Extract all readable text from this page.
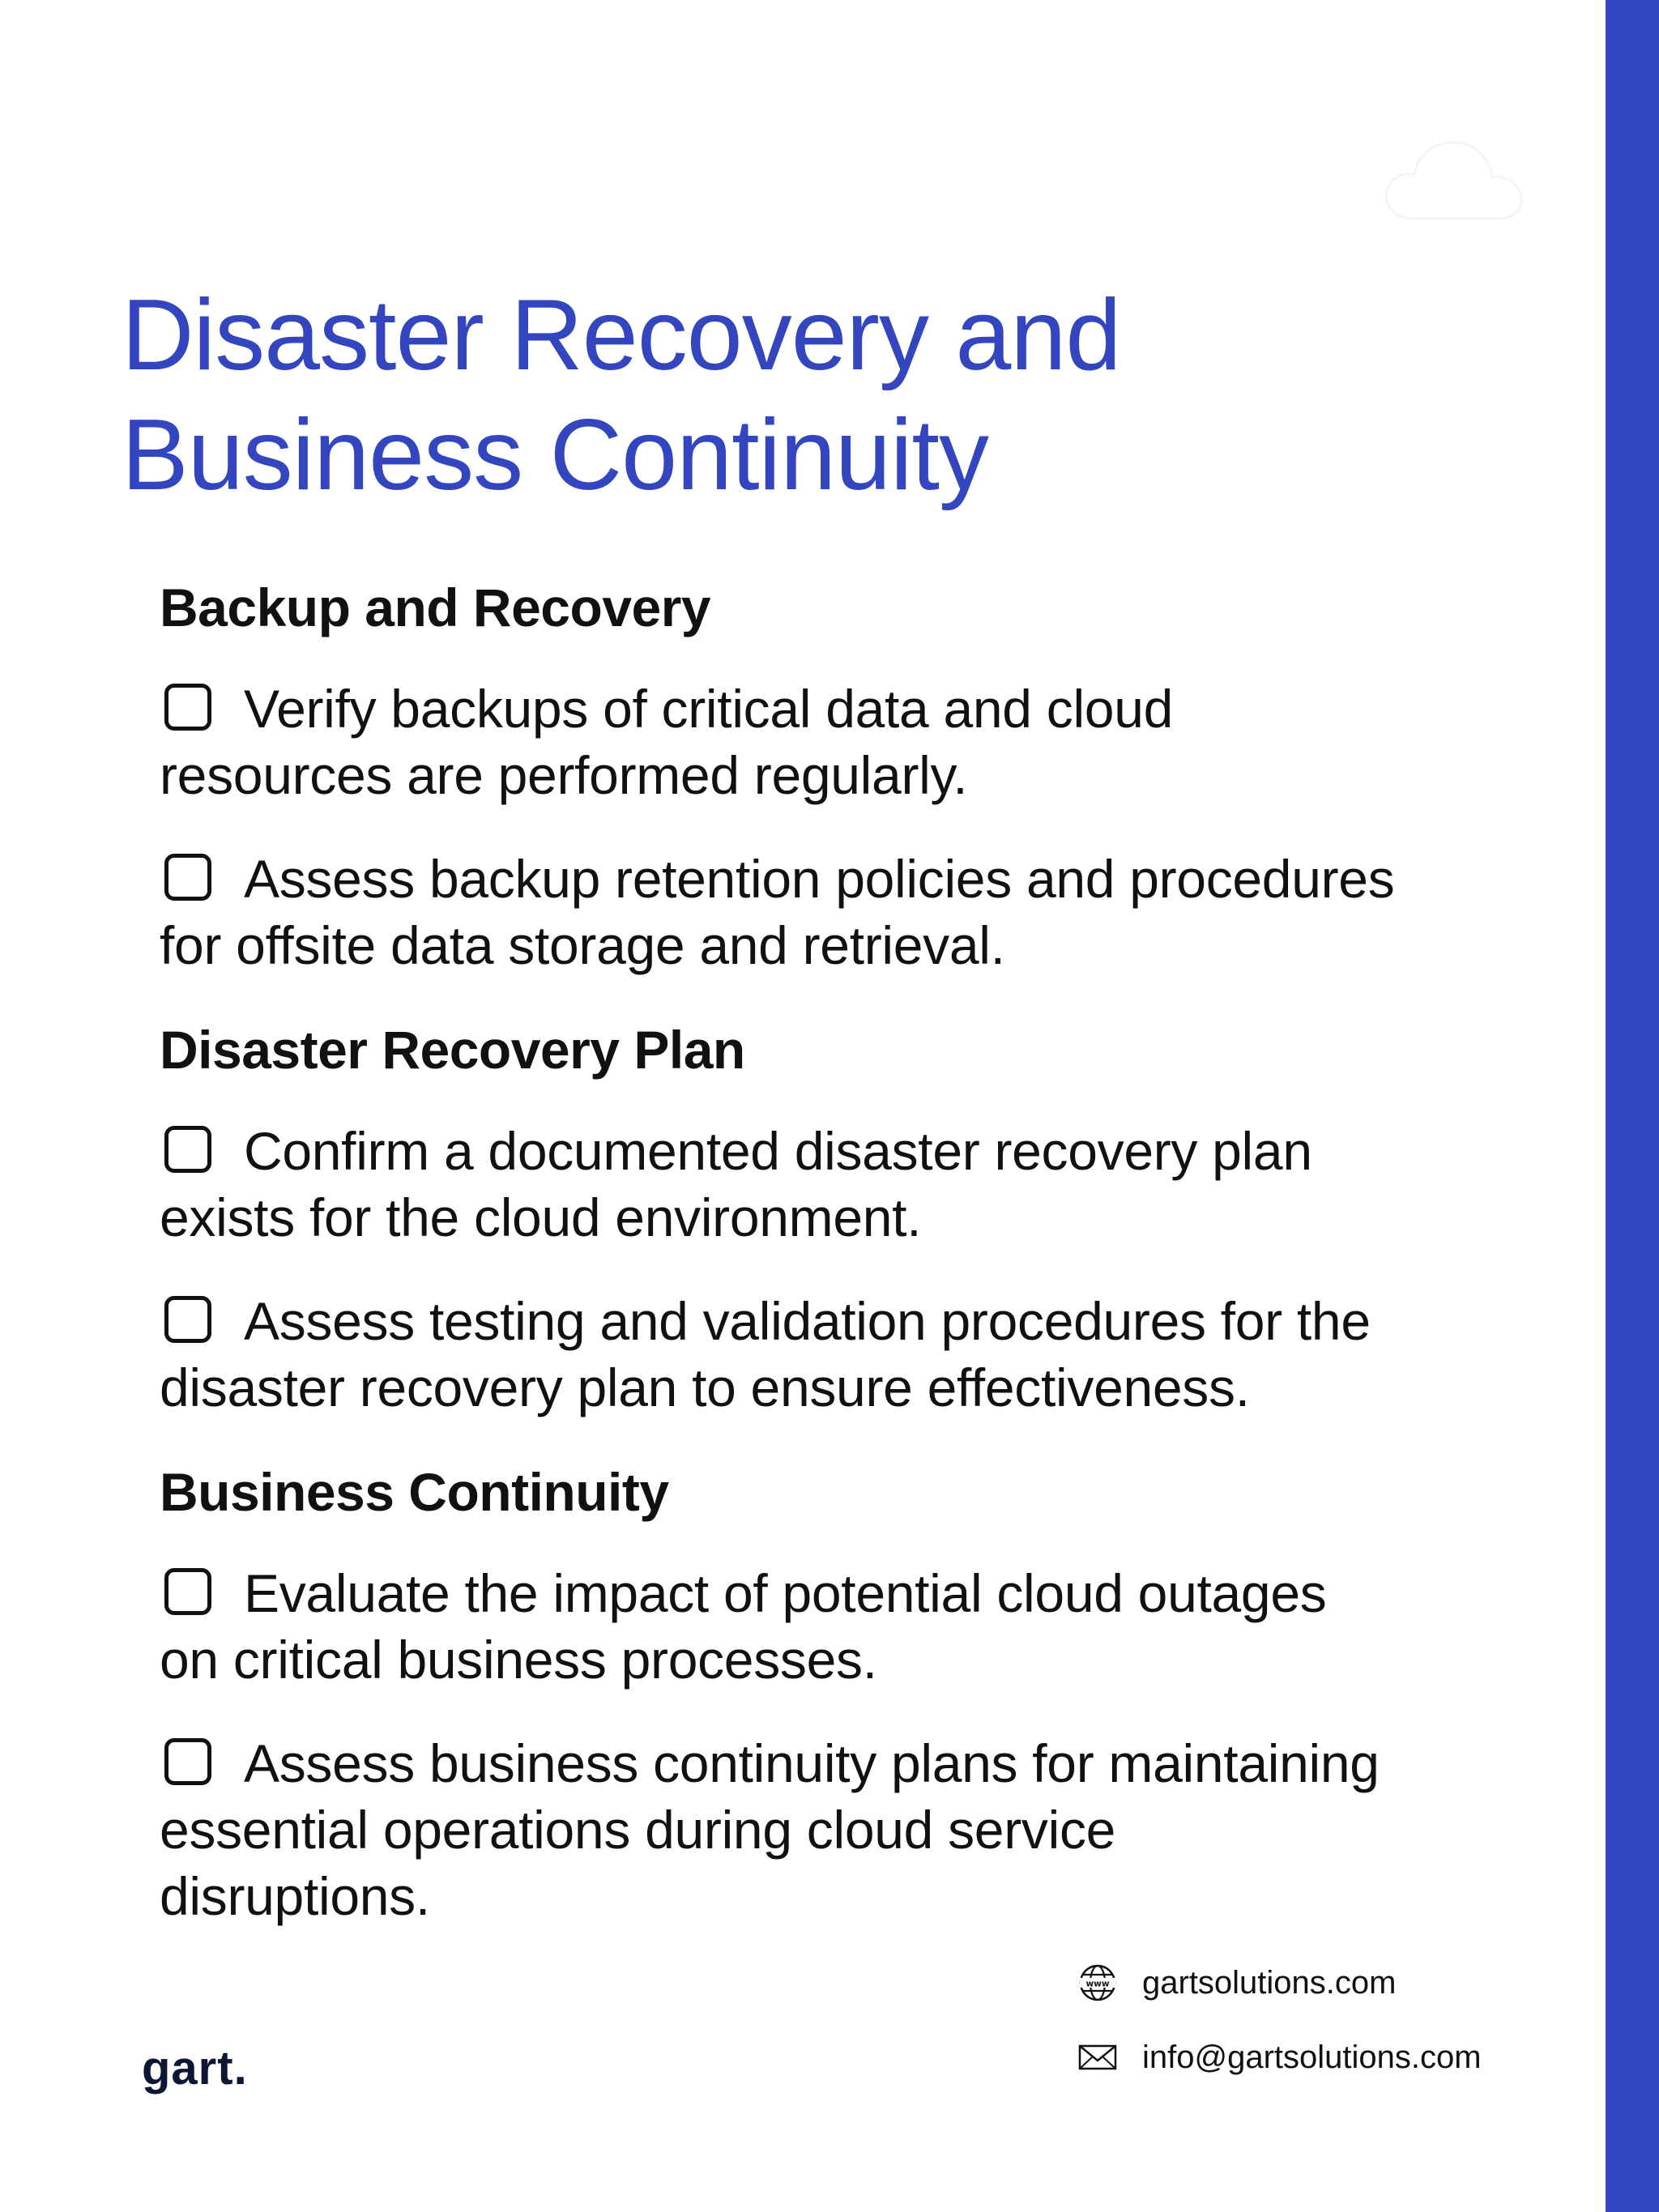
Disaster Recovery and
Business Continuity
Backup and Recovery

Verify backups of critical data and cloud
resources are performed regularly.

Assess backup retention policies and procedures
for offsite data storage and retrieval.

Disaster Recovery Plan

Confirm a documented disaster recovery plan
exists for the cloud environment.

Assess testing and validation procedures for the
disaster recovery plan to ensure effectiveness.

Business Continuity

Evaluate the impact of potential cloud outages
on critical business processes.

Assess business continuity plans for maintaining
essential operations during cloud service
disruptions.

www gartsolutions.com
info@gartsolutions.com
gart.
